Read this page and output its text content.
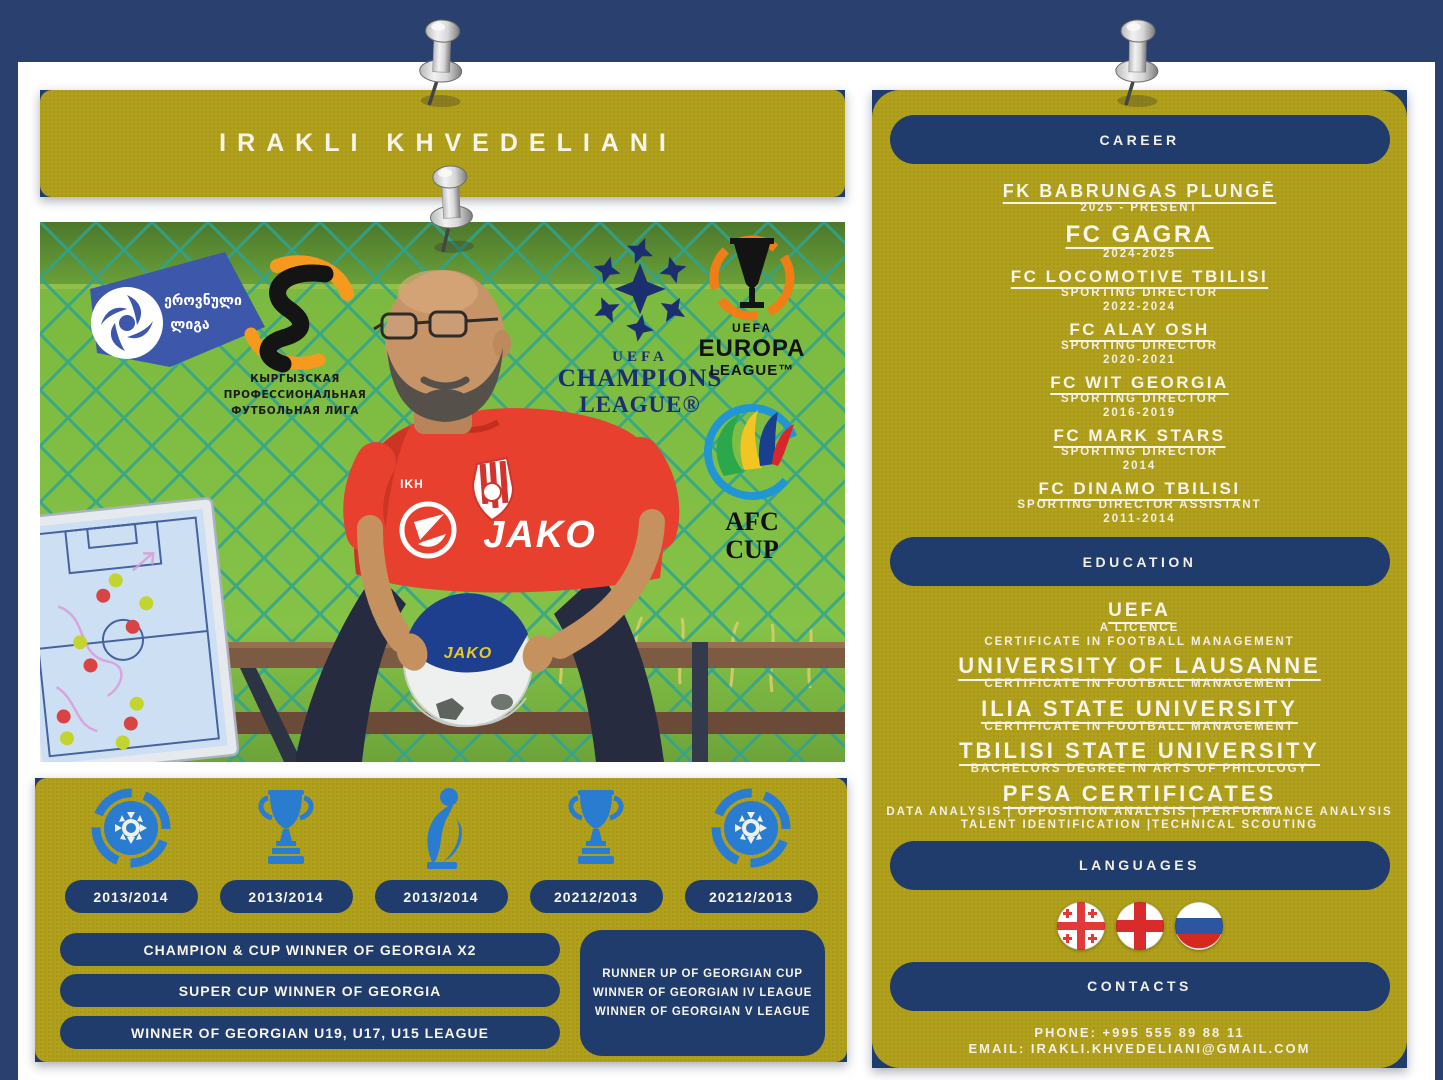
IRAKLI KHVEDELIANI
IKH
JAKO
JAKO
ეროვნული
ლიგა
КЫРГЫЗСКАЯ
ПРОФЕССИОНАЛЬНАЯ
ФУТБОЛЬНАЯ ЛИГА
UEFA
CHAMPIONS
LEAGUE®
UEFA
EUROPA
LEAGUE™
AFC
CUP
2013/2014	2013/2014	2013/2014	20212/2013	20212/2013
CHAMPION & CUP WINNER OF GEORGIA X2
SUPER CUP WINNER OF GEORGIA
WINNER OF GEORGIAN U19, U17, U15 LEAGUE
RUNNER UP OF GEORGIAN CUP
WINNER OF GEORGIAN IV LEAGUE
WINNER OF GEORGIAN V LEAGUE
CAREER
FK BABRUNGAS PLUNGĒ
2025 - PRESENT
FC GAGRA
2024-2025
FC LOCOMOTIVE TBILISI
SPORTING DIRECTOR
2022-2024
FC ALAY OSH
SPORTING DIRECTOR
2020-2021
FC WIT GEORGIA
SPORTING DIRECTOR
2016-2019
FC MARK STARS
SPORTING DIRECTOR
2014
FC DINAMO TBILISI
SPORTING DIRECTOR ASSISTANT
2011-2014
EDUCATION
UEFA
A LICENCE
CERTIFICATE IN FOOTBALL MANAGEMENT
UNIVERSITY OF LAUSANNE
CERTIFICATE IN FOOTBALL MANAGEMENT
ILIA STATE UNIVERSITY
CERTIFICATE IN FOOTBALL MANAGEMENT
TBILISI STATE UNIVERSITY
BACHELORS DEGREE IN ARTS OF PHILOLOGY
PFSA CERTIFICATES
DATA ANALYSIS | OPPOSITION ANALYSIS | PERFORMANCE ANALYSIS
TALENT IDENTIFICATION |TECHNICAL SCOUTING
LANGUAGES
CONTACTS
PHONE: +995 555 89 88 11
EMAIL: IRAKLI.KHVEDELIANI@GMAIL.COM
